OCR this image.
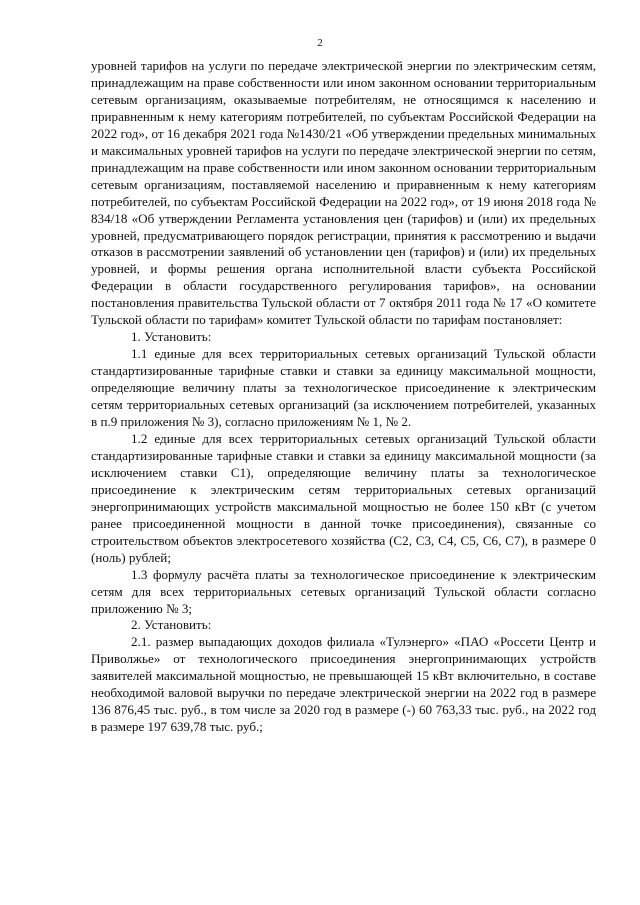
2

уровней тарифов на услуги по передаче электрической энергии по электрическим сетям, принадлежащим на праве собственности или ином законном основании территориальным сетевым организациям, оказываемые потребителям, не относящимся к населению и приравненным к нему категориям потребителей, по субъектам Российской Федерации на 2022 год», от 16 декабря 2021 года №1430/21 «Об утверждении предельных минимальных и максимальных уровней тарифов на услуги по передаче электрической энергии по сетям, принадлежащим на праве собственности или ином законном основании территориальным сетевым организациям, поставляемой населению и приравненным к нему категориям потребителей, по субъектам Российской Федерации на 2022 год», от 19 июня 2018 года № 834/18 «Об утверждении Регламента установления цен (тарифов) и (или) их предельных уровней, предусматривающего порядок регистрации, принятия к рассмотрению и выдачи отказов в рассмотрении заявлений об установлении цен (тарифов) и (или) их предельных уровней, и формы решения органа исполнительной власти субъекта Российской Федерации в области государственного регулирования тарифов», на основании постановления правительства Тульской области от 7 октября 2011 года № 17 «О комитете Тульской области по тарифам» комитет Тульской области по тарифам постановляет:

1. Установить:

1.1 единые для всех территориальных сетевых организаций Тульской области стандартизированные тарифные ставки и ставки за единицу максимальной мощности, определяющие величину платы за технологическое присоединение к электрическим сетям территориальных сетевых организаций (за исключением потребителей, указанных в п.9 приложения № 3), согласно приложениям № 1, № 2.

1.2 единые для всех территориальных сетевых организаций Тульской области стандартизированные тарифные ставки и ставки за единицу максимальной мощности (за исключением ставки С1), определяющие величину платы за технологическое присоединение к электрическим сетям территориальных сетевых организаций энергопринимающих устройств максимальной мощностью не более 150 кВт (с учетом ранее присоединенной мощности в данной точке присоединения), связанные со строительством объектов электросетевого хозяйства (С2, С3, С4, С5, С6, С7), в размере 0 (ноль) рублей;

1.3 формулу расчёта платы за технологическое присоединение к электрическим сетям для всех территориальных сетевых организаций Тульской области согласно приложению № 3;

2. Установить:

2.1. размер выпадающих доходов филиала «Тулэнерго» «ПАО «Россети Центр и Приволжье» от технологического присоединения энергопринимающих устройств заявителей максимальной мощностью, не превышающей 15 кВт включительно, в составе необходимой валовой выручки по передаче электрической энергии на 2022 год в размере 136 876,45 тыс. руб., в том числе за 2020 год в размере (-) 60 763,33 тыс. руб., на 2022 год в размере 197 639,78 тыс. руб.;
